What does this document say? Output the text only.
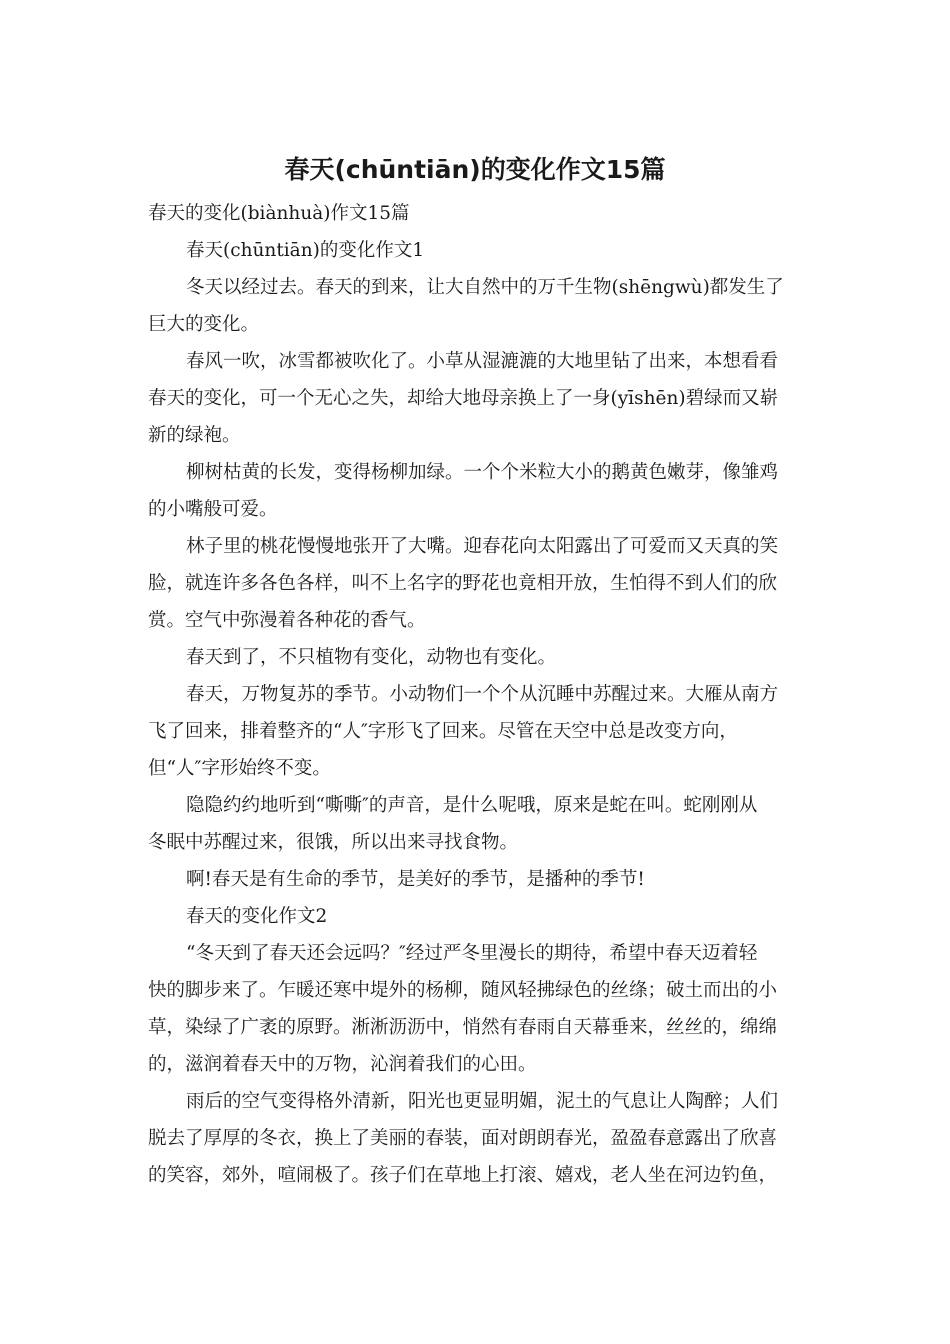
春天(chūntiān)的变化作文15篇
春天的变化(biànhuà)作文15篇
春天(chūntiān)的变化作文1
冬天以经过去。春天的到来，让大自然中的万千生物(shēngwù)都发生了
巨大的变化。
春风一吹，冰雪都被吹化了。小草从湿漉漉的大地里钻了出来，本想看看
春天的变化，可一个无心之失，却给大地母亲换上了一身(yīshēn)碧绿而又崭
新的绿袍。
柳树枯黄的长发，变得杨柳加绿。一个个米粒大小的鹅黄色嫩芽，像雏鸡
的小嘴般可爱。
林子里的桃花慢慢地张开了大嘴。迎春花向太阳露出了可爱而又天真的笑
脸，就连许多各色各样，叫不上名字的野花也竟相开放，生怕得不到人们的欣
赏。空气中弥漫着各种花的香气。
春天到了，不只植物有变化，动物也有变化。
春天，万物复苏的季节。小动物们一个个从沉睡中苏醒过来。大雁从南方
飞了回来，排着整齐的“人″字形飞了回来。尽管在天空中总是改变方向，
但“人″字形始终不变。
隐隐约约地听到“嘶嘶″的声音，是什么呢哦，原来是蛇在叫。蛇刚刚从
冬眠中苏醒过来，很饿，所以出来寻找食物。
啊!春天是有生命的季节，是美好的季节，是播种的季节!
春天的变化作文2
“冬天到了春天还会远吗？″经过严冬里漫长的期待，希望中春天迈着轻
快的脚步来了。乍暖还寒中堤外的杨柳，随风轻拂绿色的丝绦；破土而出的小
草，染绿了广袤的原野。淅淅沥沥中，悄然有春雨自天幕垂来，丝丝的，绵绵
的，滋润着春天中的万物，沁润着我们的心田。
雨后的空气变得格外清新，阳光也更显明媚，泥土的气息让人陶醉；人们
脱去了厚厚的冬衣，换上了美丽的春装，面对朗朗春光，盈盈春意露出了欣喜
的笑容，郊外，喧闹极了。孩子们在草地上打滚、嬉戏，老人坐在河边钓鱼，
